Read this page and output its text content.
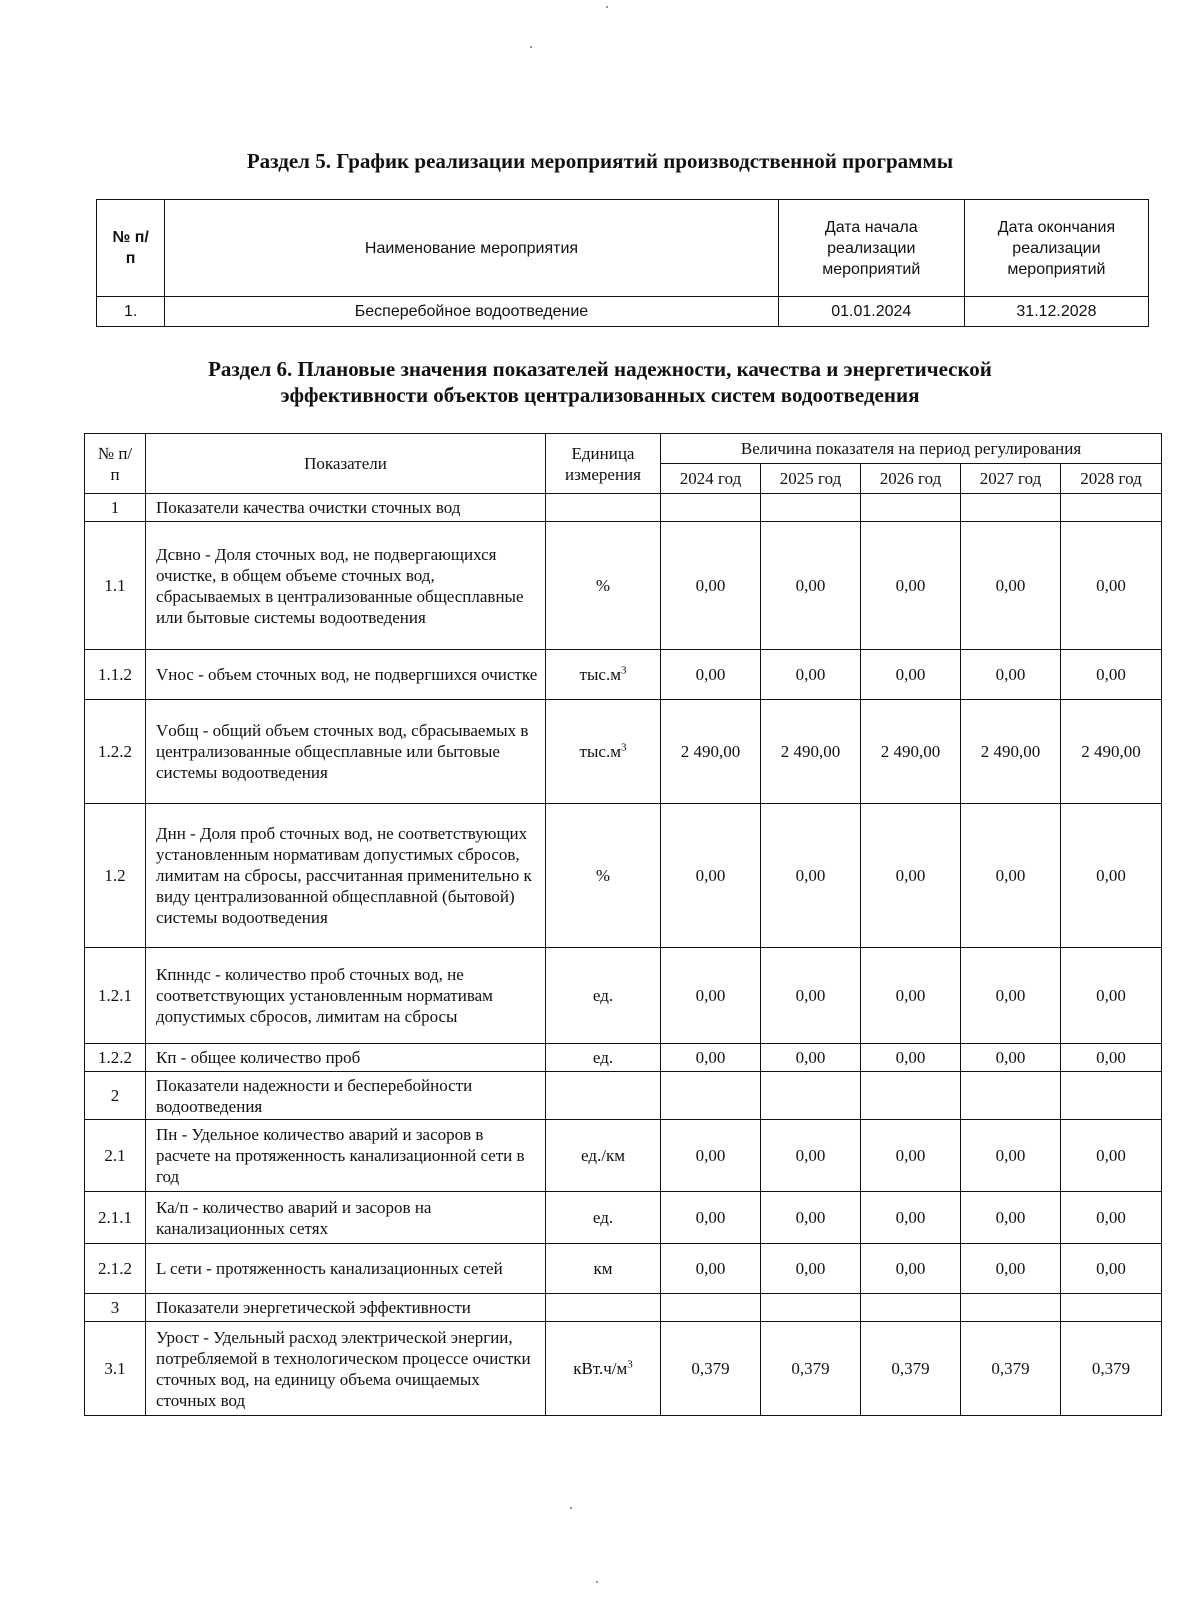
Раздел 5. График реализации мероприятий производственной программы
№ п/п	Наименование мероприятия	Дата начала реализации мероприятий	Дата окончания реализации мероприятий
1.	Бесперебойное водоотведение	01.01.2024	31.12.2028
Раздел 6. Плановые значения показателей надежности, качества и энергетической
эффективности объектов централизованных систем водоотведения
№ п/п	Показатели	Единица измерения	Величина показателя на период регулирования				
			2024 год	2025 год	2026 год	2027 год	2028 год
1	Показатели качества очистки сточных вод						
1.1	Дсвно - Доля сточных вод, не подвергающихся очистке, в общем объеме сточных вод, сбрасываемых в централизованные общесплавные или бытовые системы водоотведения	%	0,00	0,00	0,00	0,00	0,00
1.1.2	Vнос - объем сточных вод, не подвергшихся очистке	$тыс.м^3$	0,00	0,00	0,00	0,00	0,00
1.2.2	Vобщ - общий объем сточных вод, сбрасываемых в централизованные общесплавные или бытовые системы водоотведения	$тыс.м^3$	2 490,00	2 490,00	2 490,00	2 490,00	2 490,00
1.2	Днн - Доля проб сточных вод, не соответствующих установленным нормативам допустимых сбросов, лимитам на сбросы, рассчитанная применительно к виду централизованной общесплавной (бытовой) системы водоотведения	%	0,00	0,00	0,00	0,00	0,00
1.2.1	Кпнндс - количество проб сточных вод, не соответствующих установленным нормативам допустимых сбросов, лимитам на сбросы	ед.	0,00	0,00	0,00	0,00	0,00
1.2.2	Кп - общее количество проб	ед.	0,00	0,00	0,00	0,00	0,00
2	Показатели надежности и бесперебойности водоотведения						
2.1	Пн - Удельное количество аварий и засоров в расчете на протяженность канализационной сети в год	ед./км	0,00	0,00	0,00	0,00	0,00
2.1.1	Ка/п - количество аварий и засоров на канализационных сетях	ед.	0,00	0,00	0,00	0,00	0,00
2.1.2	L сети - протяженность канализационных сетей	км	0,00	0,00	0,00	0,00	0,00
3	Показатели энергетической эффективности						
3.1	Урост - Удельный расход электрической энергии, потребляемой в технологическом процессе очистки сточных вод, на единицу объема очищаемых сточных вод	$кВт.ч/м^3$	0,379	0,379	0,379	0,379	0,379
